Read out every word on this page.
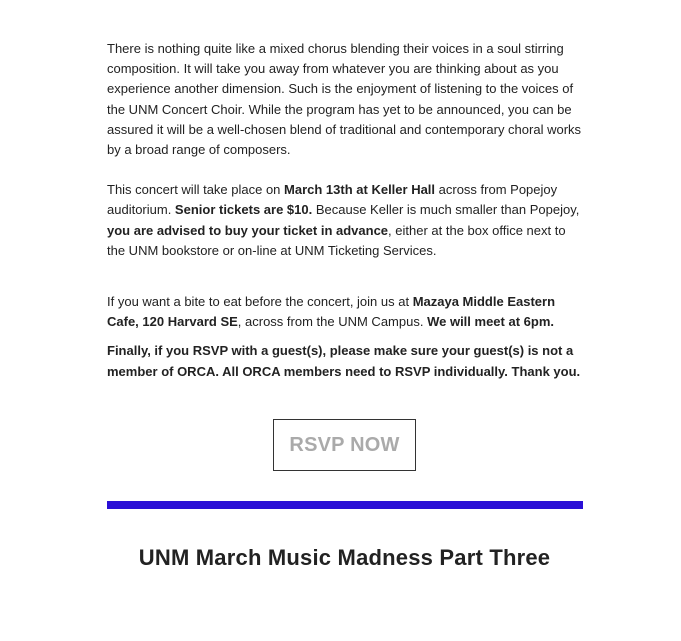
There is nothing quite like a mixed chorus blending their voices in a soul stirring composition. It will take you away from whatever you are thinking about as you experience another dimension. Such is the enjoyment of listening to the voices of the UNM Concert Choir. While the program has yet to be announced, you can be assured it will be a well-chosen blend of traditional and contemporary choral works by a broad range of composers.

This concert will take place on March 13th at Keller Hall across from Popejoy auditorium. Senior tickets are $10. Because Keller is much smaller than Popejoy, you are advised to buy your ticket in advance, either at the box office next to the UNM bookstore or on-line at UNM Ticketing Services.

If you want a bite to eat before the concert, join us at Mazaya Middle Eastern Cafe, 120 Harvard SE, across from the UNM Campus. We will meet at 6pm.

Finally, if you RSVP with a guest(s), please make sure your guest(s) is not a member of ORCA. All ORCA members need to RSVP individually. Thank you.

RSVP NOW
UNM March Music Madness Part Three
